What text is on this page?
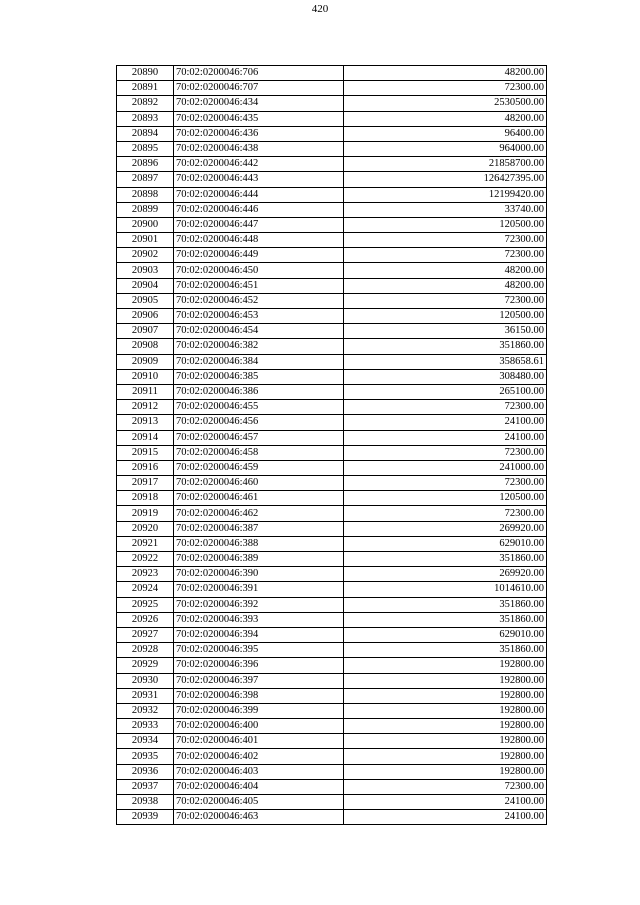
420
20890	70:02:0200046:706	48200.00
20891	70:02:0200046:707	72300.00
20892	70:02:0200046:434	2530500.00
20893	70:02:0200046:435	48200.00
20894	70:02:0200046:436	96400.00
20895	70:02:0200046:438	964000.00
20896	70:02:0200046:442	21858700.00
20897	70:02:0200046:443	126427395.00
20898	70:02:0200046:444	12199420.00
20899	70:02:0200046:446	33740.00
20900	70:02:0200046:447	120500.00
20901	70:02:0200046:448	72300.00
20902	70:02:0200046:449	72300.00
20903	70:02:0200046:450	48200.00
20904	70:02:0200046:451	48200.00
20905	70:02:0200046:452	72300.00
20906	70:02:0200046:453	120500.00
20907	70:02:0200046:454	36150.00
20908	70:02:0200046:382	351860.00
20909	70:02:0200046:384	358658.61
20910	70:02:0200046:385	308480.00
20911	70:02:0200046:386	265100.00
20912	70:02:0200046:455	72300.00
20913	70:02:0200046:456	24100.00
20914	70:02:0200046:457	24100.00
20915	70:02:0200046:458	72300.00
20916	70:02:0200046:459	241000.00
20917	70:02:0200046:460	72300.00
20918	70:02:0200046:461	120500.00
20919	70:02:0200046:462	72300.00
20920	70:02:0200046:387	269920.00
20921	70:02:0200046:388	629010.00
20922	70:02:0200046:389	351860.00
20923	70:02:0200046:390	269920.00
20924	70:02:0200046:391	1014610.00
20925	70:02:0200046:392	351860.00
20926	70:02:0200046:393	351860.00
20927	70:02:0200046:394	629010.00
20928	70:02:0200046:395	351860.00
20929	70:02:0200046:396	192800.00
20930	70:02:0200046:397	192800.00
20931	70:02:0200046:398	192800.00
20932	70:02:0200046:399	192800.00
20933	70:02:0200046:400	192800.00
20934	70:02:0200046:401	192800.00
20935	70:02:0200046:402	192800.00
20936	70:02:0200046:403	192800.00
20937	70:02:0200046:404	72300.00
20938	70:02:0200046:405	24100.00
20939	70:02:0200046:463	24100.00
